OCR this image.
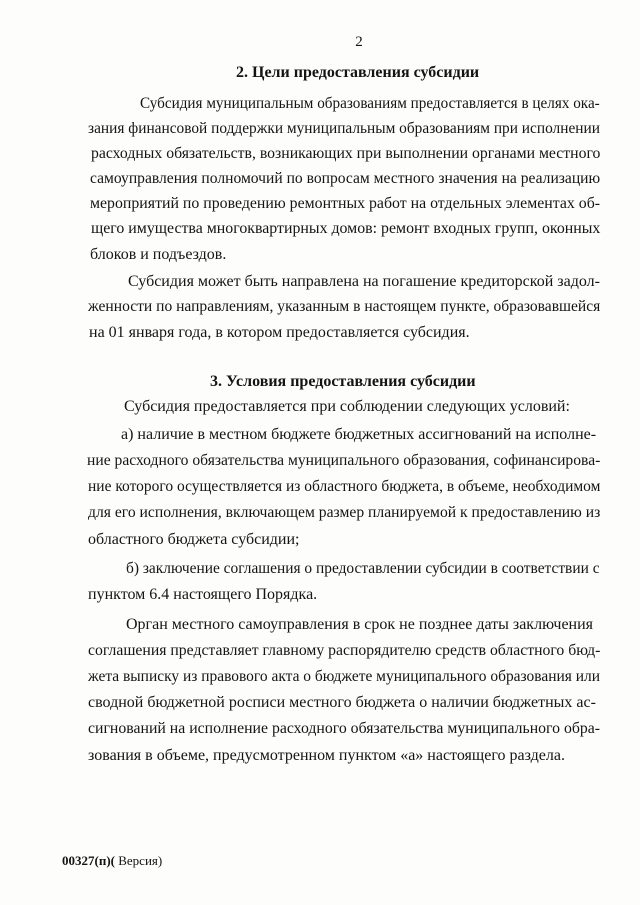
2
2. Цели предоставления субсидии
Субсидия муниципальным образованиям предоставляется в целях ока-
зания финансовой поддержки муниципальным образованиям при исполнении
расходных обязательств, возникающих при выполнении органами местного
самоуправления полномочий по вопросам местного значения на реализацию
мероприятий по проведению ремонтных работ на отдельных элементах об-
щего имущества многоквартирных домов: ремонт входных групп, оконных
блоков и подъездов.
Субсидия может быть направлена на погашение кредиторской задол-
женности по направлениям, указанным в настоящем пункте, образовавшейся
на 01 января года, в котором предоставляется субсидия.
3. Условия предоставления субсидии
Субсидия предоставляется при соблюдении следующих условий:
а) наличие в местном бюджете бюджетных ассигнований на исполне-
ние расходного обязательства муниципального образования, софинансирова-
ние которого осуществляется из областного бюджета, в объеме, необходимом
для его исполнения, включающем размер планируемой к предоставлению из
областного бюджета субсидии;
б) заключение соглашения о предоставлении субсидии в соответствии с
пунктом 6.4 настоящего Порядка.
Орган местного самоуправления в срок не позднее даты заключения
соглашения представляет главному распорядителю средств областного бюд-
жета выписку из правового акта о бюджете муниципального образования или
сводной бюджетной росписи местного бюджета о наличии бюджетных ас-
сигнований на исполнение расходного обязательства муниципального обра-
зования в объеме, предусмотренном пунктом «а» настоящего раздела.
00327(п)( Версия)
